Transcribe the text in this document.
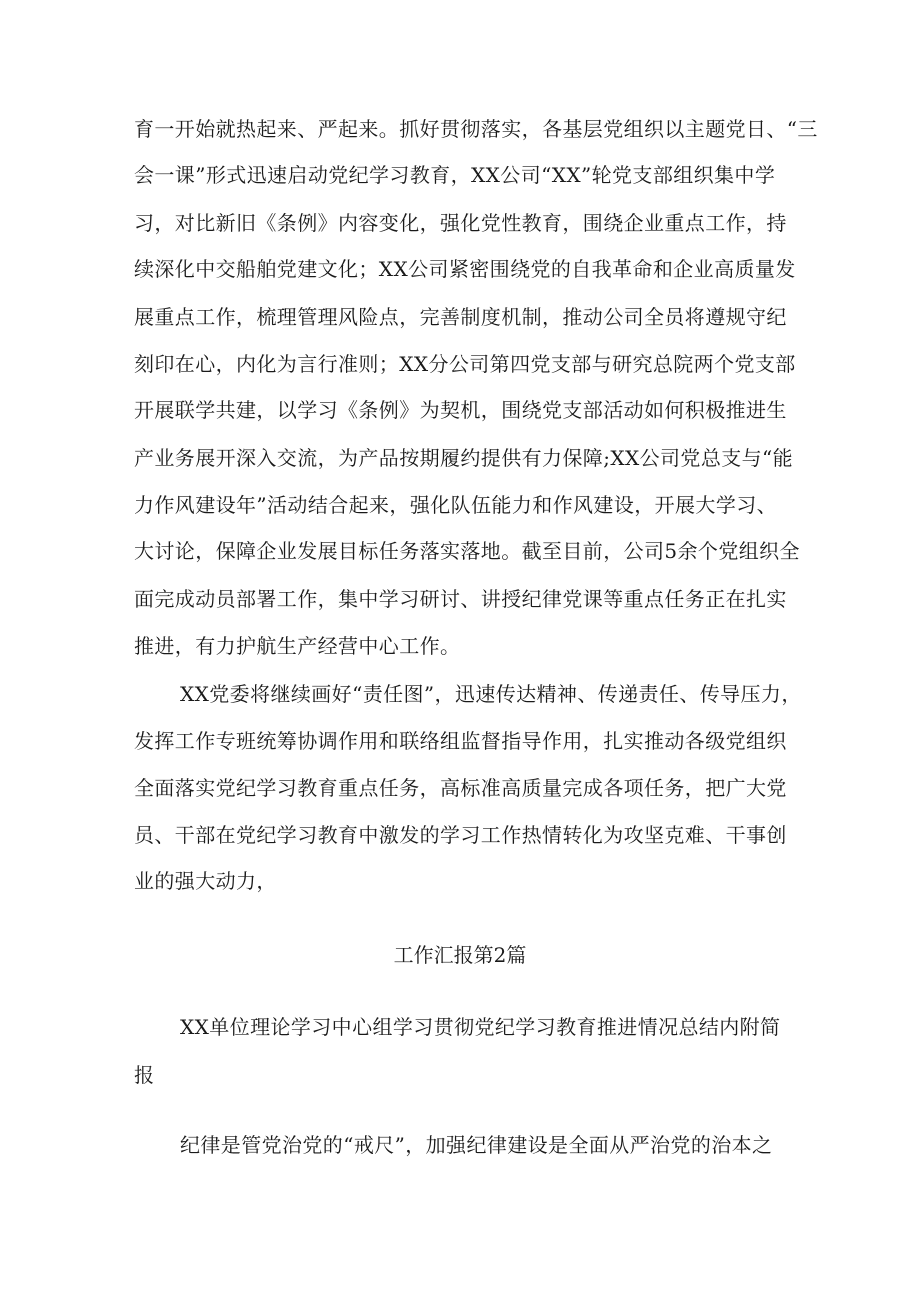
育一开始就热起来、严起来。抓好贯彻落实，各基层党组织以主题党日、“三
会一课”形式迅速启动党纪学习教育，XX公司“XX”轮党支部组织集中学
习，对比新旧《条例》内容变化，强化党性教育，围绕企业重点工作，持
续深化中交船舶党建文化；XX公司紧密围绕党的自我革命和企业高质量发
展重点工作，梳理管理风险点，完善制度机制，推动公司全员将遵规守纪
刻印在心，内化为言行准则；XX分公司第四党支部与研究总院两个党支部
开展联学共建，以学习《条例》为契机，围绕党支部活动如何积极推进生
产业务展开深入交流，为产品按期履约提供有力保障;XX公司党总支与“能
力作风建设年”活动结合起来，强化队伍能力和作风建设，开展大学习、
大讨论，保障企业发展目标任务落实落地。截至目前，公司5余个党组织全
面完成动员部署工作，集中学习研讨、讲授纪律党课等重点任务正在扎实
推进，有力护航生产经营中心工作。
XX党委将继续画好“责任图”，迅速传达精神、传递责任、传导压力，
发挥工作专班统筹协调作用和联络组监督指导作用，扎实推动各级党组织
全面落实党纪学习教育重点任务，高标准高质量完成各项任务，把广大党
员、干部在党纪学习教育中激发的学习工作热情转化为攻坚克难、干事创
业的强大动力，
工作汇报第2篇
XX单位理论学习中心组学习贯彻党纪学习教育推进情况总结内附简
报
纪律是管党治党的“戒尺”，加强纪律建设是全面从严治党的治本之
